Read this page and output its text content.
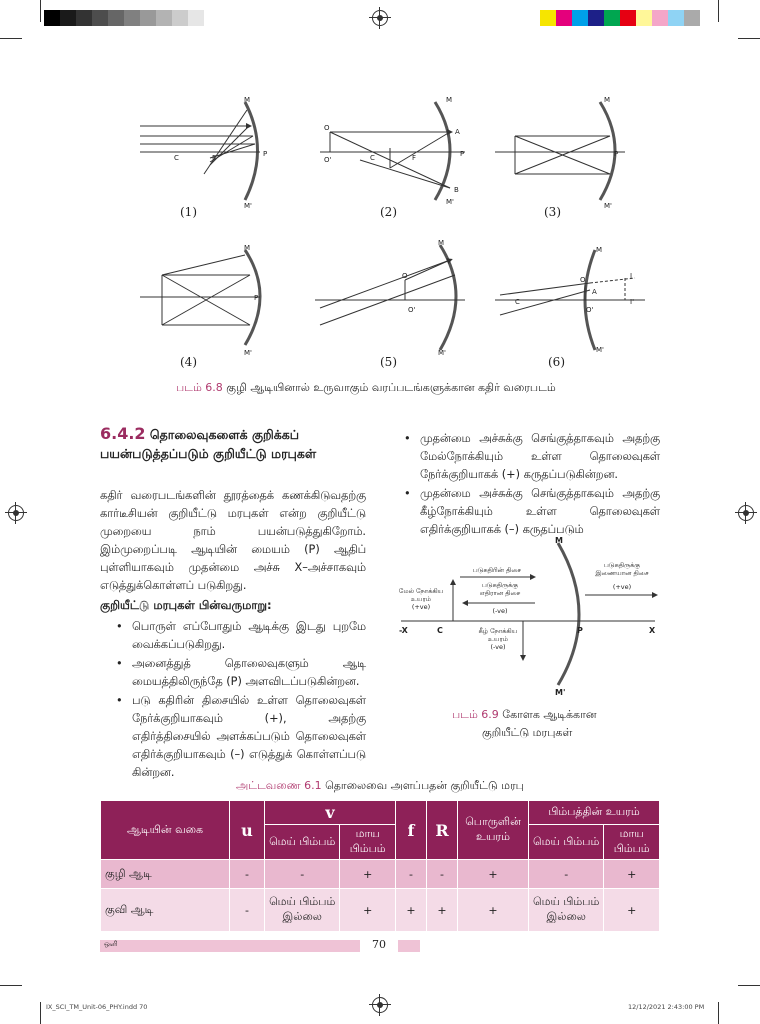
M
M'
P
C	F
M
M'
O
O'	C	F
A
P
B
M
M'
P
M
M'
P
M
M'
O
O'
M
M'
O
O'
A
C
I
I'
(1)	(2)	(3)
(4)	(5)	(6)
படம் 6.8 குழி ஆடியினால் உருவாகும் வரப்படங்களுக்கான கதிர் வரைபடம்
6.4.2 தொலைவுகளைக் குறிக்கப் பயன்படுத்தப்படும் குறியீட்டு மரபுகள்
கதிர் வரைபடங்களின் தூரத்தைக் கணக்கிடுவதற்கு கார்டீசியன் குறியீட்டு மரபுகள் என்ற குறியீட்டு முறையை நாம் பயன்படுத்துகிறோம். இம்முறைப்படி ஆடியின் மையம் (P) ஆதிப் புள்ளியாகவும் முதன்மை அச்சு X–அச்சாகவும் எடுத்துக்கொள்ளப் படுகிறது.
குறியீட்டு மரபுகள் பின்வருமாறு:
• பொருள் எப்போதும் ஆடிக்கு இடது புறமே வைக்கப்படுகிறது.
• அனைத்துத் தொலைவுகளும் ஆடி மையத்திலிருந்தே (P) அளவிடப்படுகின்றன.
• படு கதிரின் திசையில் உள்ள தொலைவுகள் நேர்க்குறியாகவும் (+), அதற்கு எதிர்த்திசையில் அளக்கப்படும் தொலைவுகள் எதிர்க்குறியாகவும் (–) எடுத்துக் கொள்ளப்படு கின்றன.
• முதன்மை அச்சுக்கு செங்குத்தாகவும் அதற்கு மேல்நோக்கியும் உள்ள தொலைவுகள் நேர்க்குறியாகக் (+) கருதப்படுகின்றன.
• முதன்மை அச்சுக்கு செங்குத்தாகவும் அதற்கு கீழ்நோக்கியும் உள்ள தொலைவுகள் எதிர்க்குறியாகக் (–) கருதப்படும்
படுகதிரின் திசை
படுகதிருக்கு
எதிரான திசை
(-ve)
படுகதிருக்கு
இணையான திசை
(+ve)
மேல் நோக்கிய
உயரம்
(+ve)
கீழ் நோக்கிய
உயரம்
(-ve)
-X	C	P	X
M
M'
படம் 6.9 கோளக ஆடிக்கான
குறியீட்டு மரபுகள்
அட்டவணை 6.1 தொலைவை அளப்பதன் குறியீட்டு மரபு
ஆடியின் வகை	u	v		f	R	பொருளின் உயரம்	பிம்பத்தின் உயரம்	
		மெய் பிம்பம்	மாய பிம்பம்				மெய் பிம்பம்	மாய பிம்பம்
குழி ஆடி	-	-	+	-	-	+	-	+
குவி ஆடி	-	மெய் பிம்பம் இல்லை	+	+	+	+	மெய் பிம்பம் இல்லை	+
ஒளி	70
IX_SCI_TM_Unit-06_PHY.indd 70	12/12/2021 2:43:00 PM
